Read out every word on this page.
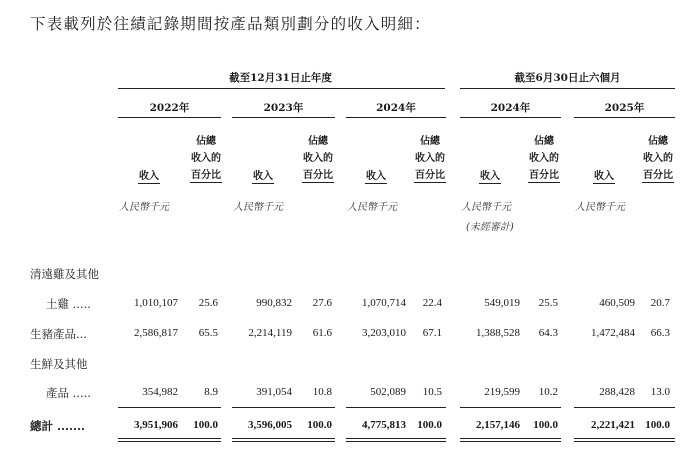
下表載列於往績記錄期間按產品類別劃分的收入明細：
截至12月31日止年度	截至6月30日止六個月
2022年	2023年	2024年	2024年	2025年
收入
佔總
收入的
百分比	收入
佔總
收入的
百分比	收入
佔總
收入的
百分比	收入
佔總
收入的
百分比	收入
佔總
收入的
百分比
人民幣千元	人民幣千元	人民幣千元	人民幣千元	人民幣千元
(未經審計)
清遠雞及其他
土雞 .....	1,010,107	25.6	990,832	27.6	1,070,714	22.4	549,019	25.5	460,509	20.7
生豬產品...	2,586,817	65.5	2,214,119	61.6	3,203,010	67.1	1,388,528	64.3	1,472,484	66.3
生鮮及其他
產品 .....	354,982	8.9	391,054	10.8	502,089	10.5	219,599	10.2	288,428	13.0
總計 .......	3,951,906	100.0	3,596,005	100.0	4,775,813	100.0	2,157,146	100.0	2,221,421 100.0
